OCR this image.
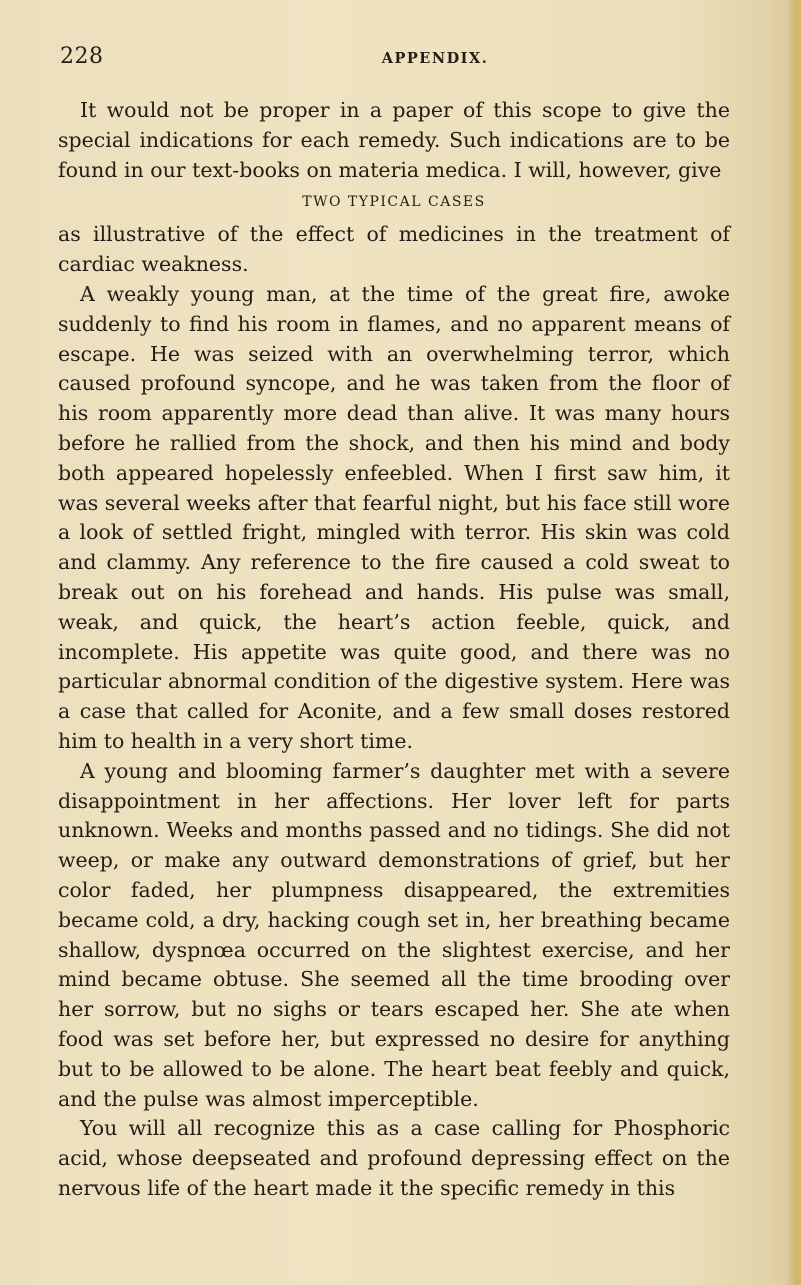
228	APPENDIX.

It would not be proper in a paper of this scope to give the special indications for each remedy. Such indications are to be found in our text-books on materia medica. I will, however, give

TWO TYPICAL CASES

as illustrative of the effect of medicines in the treatment of cardiac weakness.

A weakly young man, at the time of the great fire, awoke suddenly to find his room in flames, and no apparent means of escape. He was seized with an overwhelming terror, which caused profound syncope, and he was taken from the floor of his room apparently more dead than alive. It was many hours before he rallied from the shock, and then his mind and body both appeared hopelessly enfeebled. When I first saw him, it was several weeks after that fearful night, but his face still wore a look of settled fright, mingled with terror. His skin was cold and clammy. Any reference to the fire caused a cold sweat to break out on his forehead and hands. His pulse was small, weak, and quick, the heart’s action feeble, quick, and incomplete. His appetite was quite good, and there was no particular abnormal condition of the digestive system. Here was a case that called for Aconite, and a few small doses restored him to health in a very short time.

A young and blooming farmer’s daughter met with a severe disappointment in her affections. Her lover left for parts unknown. Weeks and months passed and no tidings. She did not weep, or make any outward demonstrations of grief, but her color faded, her plumpness disappeared, the extremities became cold, a dry, hacking cough set in, her breathing became shallow, dyspnœa occurred on the slightest exercise, and her mind became obtuse. She seemed all the time brooding over her sorrow, but no sighs or tears escaped her. She ate when food was set before her, but expressed no desire for anything but to be allowed to be alone. The heart beat feebly and quick, and the pulse was almost imperceptible.

You will all recognize this as a case calling for Phosphoric acid, whose deepseated and profound depressing effect on the nervous life of the heart made it the specific remedy in this
